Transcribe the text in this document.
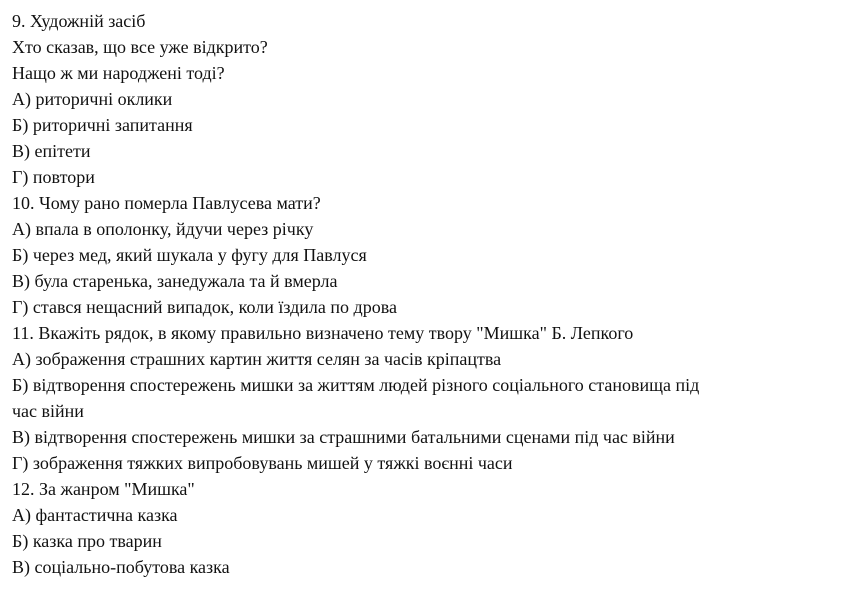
9. Художній засіб

Хто сказав, що все уже відкрито?

Нащо ж ми народжені тоді?

А) риторичні оклики

Б) риторичні запитання

В) епітети

Г) повтори

10. Чому рано померла Павлусева мати?

А) впала в ополонку, йдучи через річку

Б) через мед, який шукала у фугу для Павлуся

В) була старенька, занедужала та й вмерла

Г) стався нещасний випадок, коли їздила по дрова

11. Вкажіть рядок, в якому правильно визначено тему твору "Мишка" Б. Лепкого

А) зображення страшних картин життя селян за часів кріпацтва

Б) відтворення спостережень мишки за життям людей різного соціального становища під

час війни

В) відтворення спостережень мишки за страшними батальними сценами під час війни

Г) зображення тяжких випробовувань мишей у тяжкі воєнні часи

12. За жанром "Мишка"

А) фантастична казка

Б) казка про тварин

В) соціально-побутова казка
